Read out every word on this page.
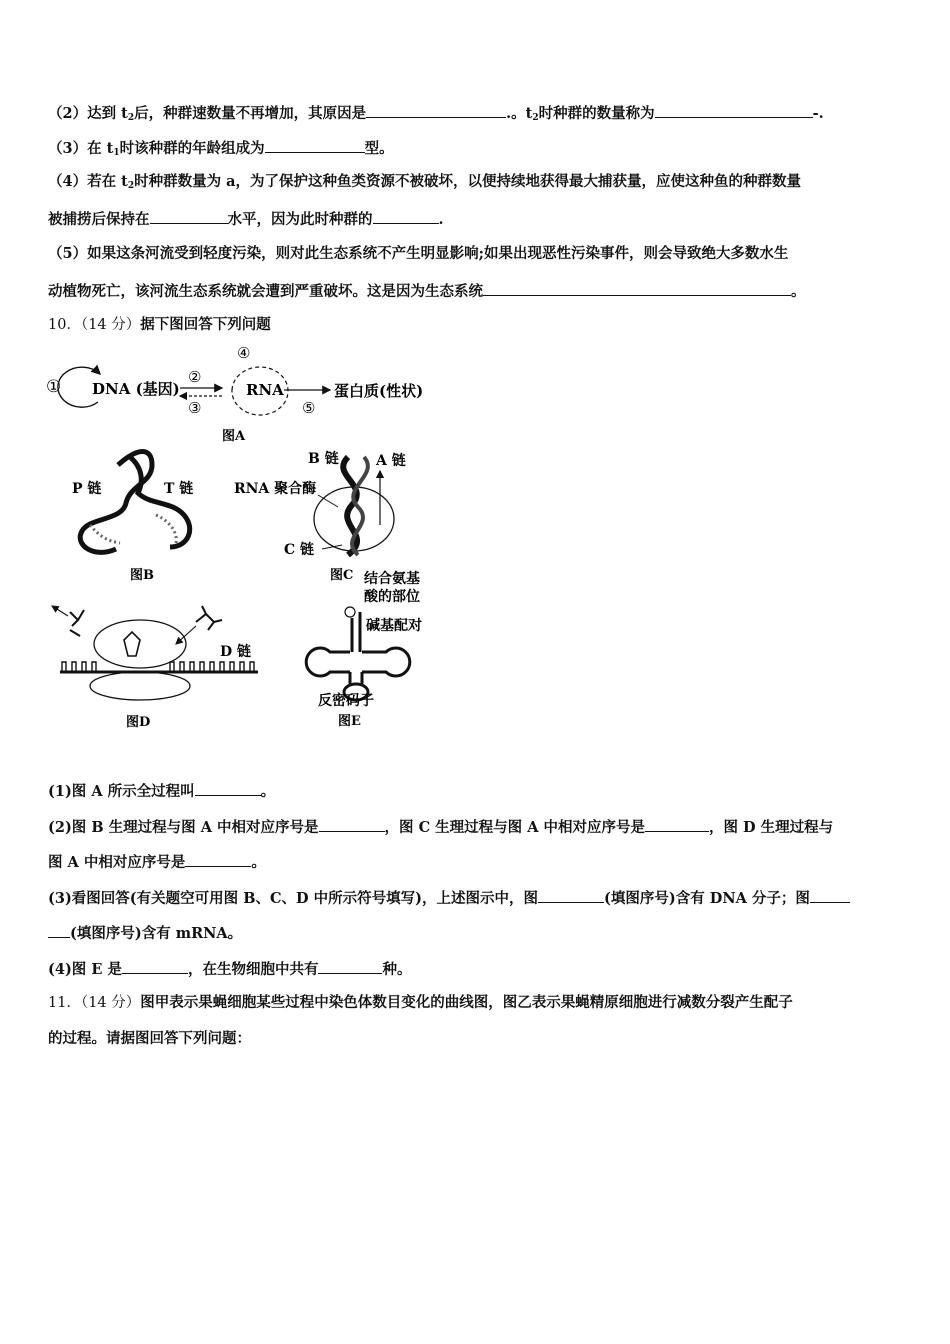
（2）达到 $t_2$后，种群速数量不再增加，其原因是	.。$t_2$时种群的数量称为	-.
（3）在 $t_1$时该种群的年龄组成为	型。
（4）若在 $t_2$时种群数量为 a，为了保护这种鱼类资源不被破坏，以便持续地获得最大捕获量，应使这种鱼的种群数量
被捕捞后保持在	水平，因为此时种群的	.
（5）如果这条河流受到轻度污染，则对此生态系统不产生明显影响;如果出现恶性污染事件，则会导致绝大多数水生
动植物死亡，该河流生态系统就会遭到严重破坏。这是因为生态系统	。
10．（14 分）据下图回答下列问题
① DNA (基因)
②
③
④
RNA
⑤
蛋白质(性状)
图A
P 链	T 链
图B
B 链	A 链
RNA 聚合酶
C 链
图C
D 链
图D
结合氨基
酸的部位
碱基配对
反密码子
图E
(1)图 A 所示全过程叫	。
(2)图 B 生理过程与图 A 中相对应序号是	，图 C 生理过程与图 A 中相对应序号是	，图 D 生理过程与
图 A 中相对应序号是	。
(3)看图回答(有关题空可用图 B、C、D 中所示符号填写)，上述图示中，图	(填图序号)含有 DNA 分子；图
(填图序号)含有 mRNA。
(4)图 E 是	，在生物细胞中共有	种。
11．（14 分）图甲表示果蝇细胞某些过程中染色体数目变化的曲线图，图乙表示果蝇精原细胞进行减数分裂产生配子
的过程。请据图回答下列问题：
